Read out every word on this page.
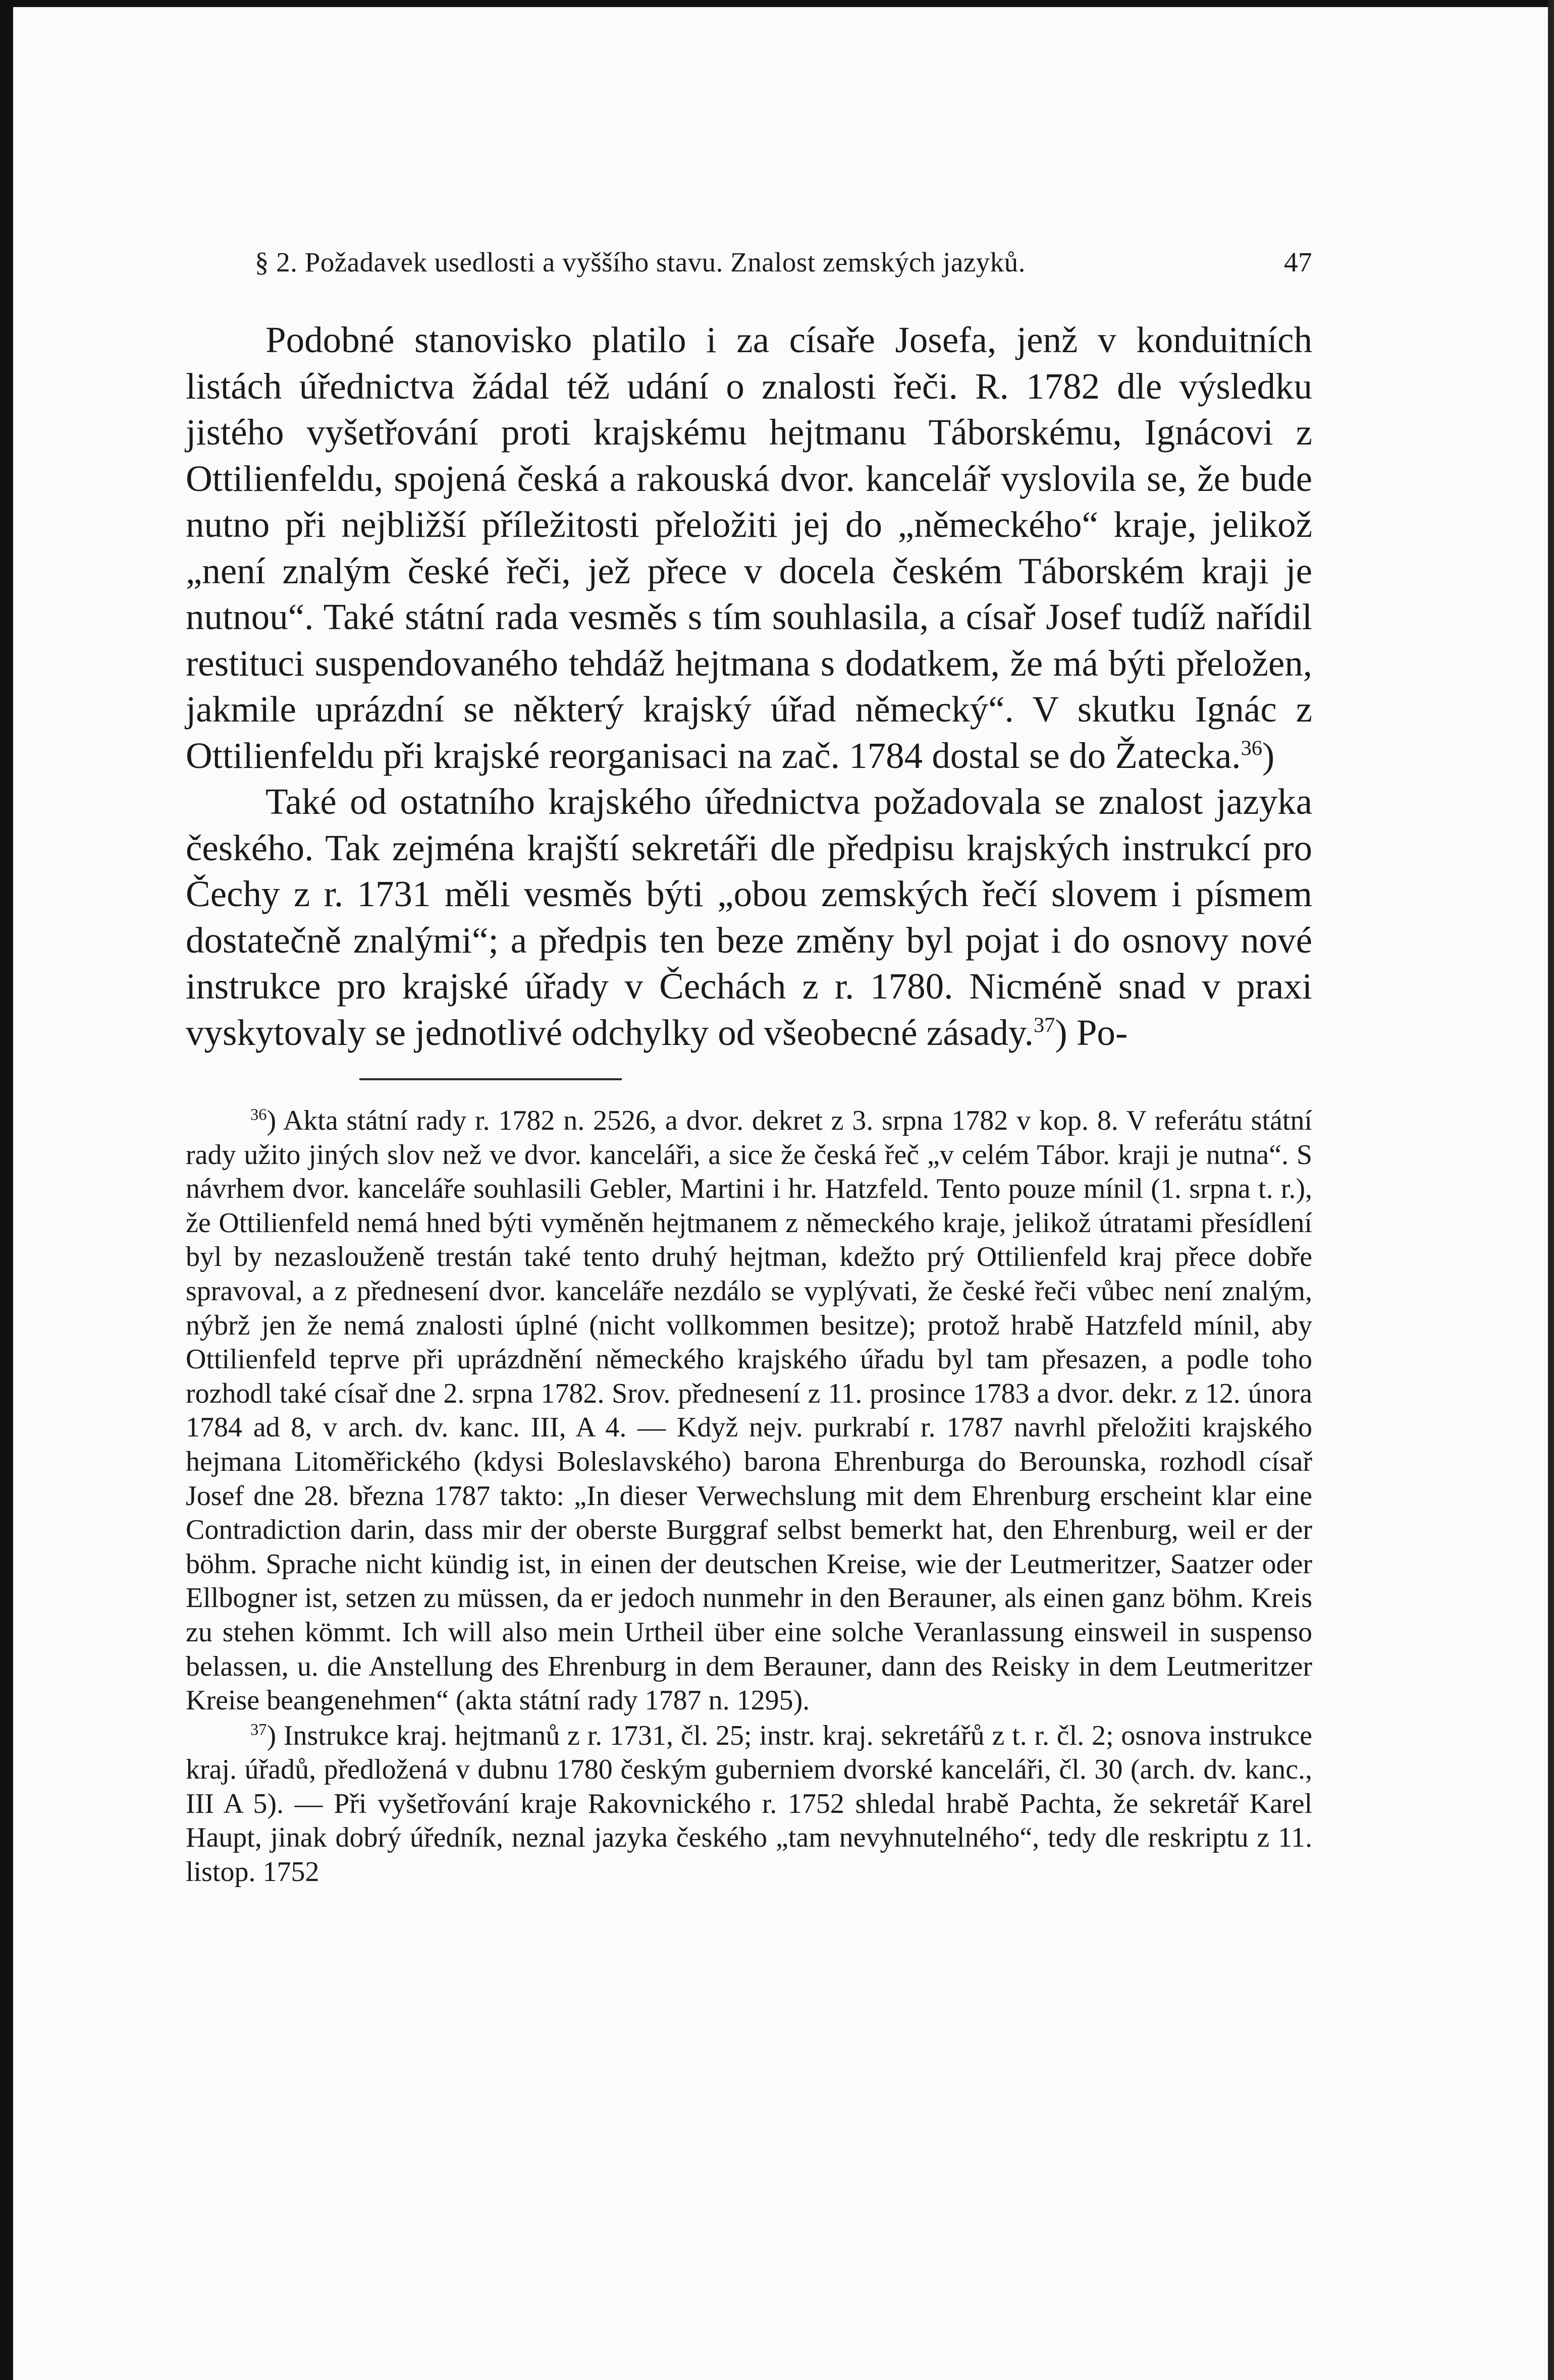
§ 2. Požadavek usedlosti a vyššího stavu. Znalost zemských jazyků.	47

Podobné stanovisko platilo i za císaře Josefa, jenž v konduitních listách úřednictva žádal též udání o znalosti řeči. R. 1782 dle výsledku jistého vyšetřování proti krajskému hejtmanu Táborskému, Ignácovi z Ottilienfeldu, spojená česká a rakouská dvor. kancelář vyslovila se, že bude nutno při nejbližší příležitosti přeložiti jej do „německého“ kraje, jelikož „není znalým české řeči, jež přece v docela českém Táborském kraji je nutnou“. Také státní rada vesměs s tím souhlasila, a císař Josef tudíž nařídil restituci suspendovaného tehdáž hejtmana s dodatkem, že má býti přeložen, jakmile uprázdní se některý krajský úřad německý“. V skutku Ignác z Ottilienfeldu při krajské reorganisaci na zač. 1784 dostal se do Žatecka.$^{36}$)

Také od ostatního krajského úřednictva požadovala se znalost jazyka českého. Tak zejména krajští sekretáři dle předpisu krajských instrukcí pro Čechy z r. 1731 měli vesměs býti „obou zemských řečí slovem i písmem dostatečně znalými“; a předpis ten beze změny byl pojat i do osnovy nové instrukce pro krajské úřady v Čechách z r. 1780. Nicméně snad v praxi vyskytovaly se jednotlivé odchylky od všeobecné zásady.$^{37}$) Po-

$^{36}$) Akta státní rady r. 1782 n. 2526, a dvor. dekret z 3. srpna 1782 v kop. 8. V referátu státní rady užito jiných slov než ve dvor. kanceláři, a sice že česká řeč „v celém Tábor. kraji je nutna“. S návrhem dvor. kanceláře souhlasili Gebler, Martini i hr. Hatzfeld. Tento pouze mínil (1. srpna t. r.), že Ottilienfeld nemá hned býti vyměněn hejtmanem z německého kraje, jelikož útratami přesídlení byl by nezaslouženě trestán také tento druhý hejtman, kdežto prý Ottilienfeld kraj přece dobře spravoval, a z přednesení dvor. kanceláře nezdálo se vyplývati, že české řeči vůbec není znalým, nýbrž jen že nemá znalosti úplné (nicht vollkommen besitze); protož hrabě Hatzfeld mínil, aby Ottilienfeld teprve při uprázdnění německého krajského úřadu byl tam přesazen, a podle toho rozhodl také císař dne 2. srpna 1782. Srov. přednesení z 11. prosince 1783 a dvor. dekr. z 12. února 1784 ad 8, v arch. dv. kanc. III, A 4. — Když nejv. purkrabí r. 1787 navrhl přeložiti krajského hejmana Litoměřického (kdysi Boleslavského) barona Ehrenburga do Berounska, rozhodl císař Josef dne 28. března 1787 takto: „In dieser Verwechslung mit dem Ehrenburg erscheint klar eine Contradiction darin, dass mir der oberste Burggraf selbst bemerkt hat, den Ehrenburg, weil er der böhm. Sprache nicht kündig ist, in einen der deutschen Kreise, wie der Leutmeritzer, Saatzer oder Ellbogner ist, setzen zu müssen, da er jedoch nunmehr in den Berauner, als einen ganz böhm. Kreis zu stehen kömmt. Ich will also mein Urtheil über eine solche Veranlassung einsweil in suspenso belassen, u. die Anstellung des Ehrenburg in dem Berauner, dann des Reisky in dem Leutmeritzer Kreise beangenehmen“ (akta státní rady 1787 n. 1295).

$^{37}$) Instrukce kraj. hejtmanů z r. 1731, čl. 25; instr. kraj. sekretářů z t. r. čl. 2; osnova instrukce kraj. úřadů, předložená v dubnu 1780 českým guberniem dvorské kanceláři, čl. 30 (arch. dv. kanc., III A 5). — Při vyšetřování kraje Rakovnického r. 1752 shledal hrabě Pachta, že sekretář Karel Haupt, jinak dobrý úředník, neznal jazyka českého „tam nevyhnutelného“, tedy dle reskriptu z 11. listop. 1752
